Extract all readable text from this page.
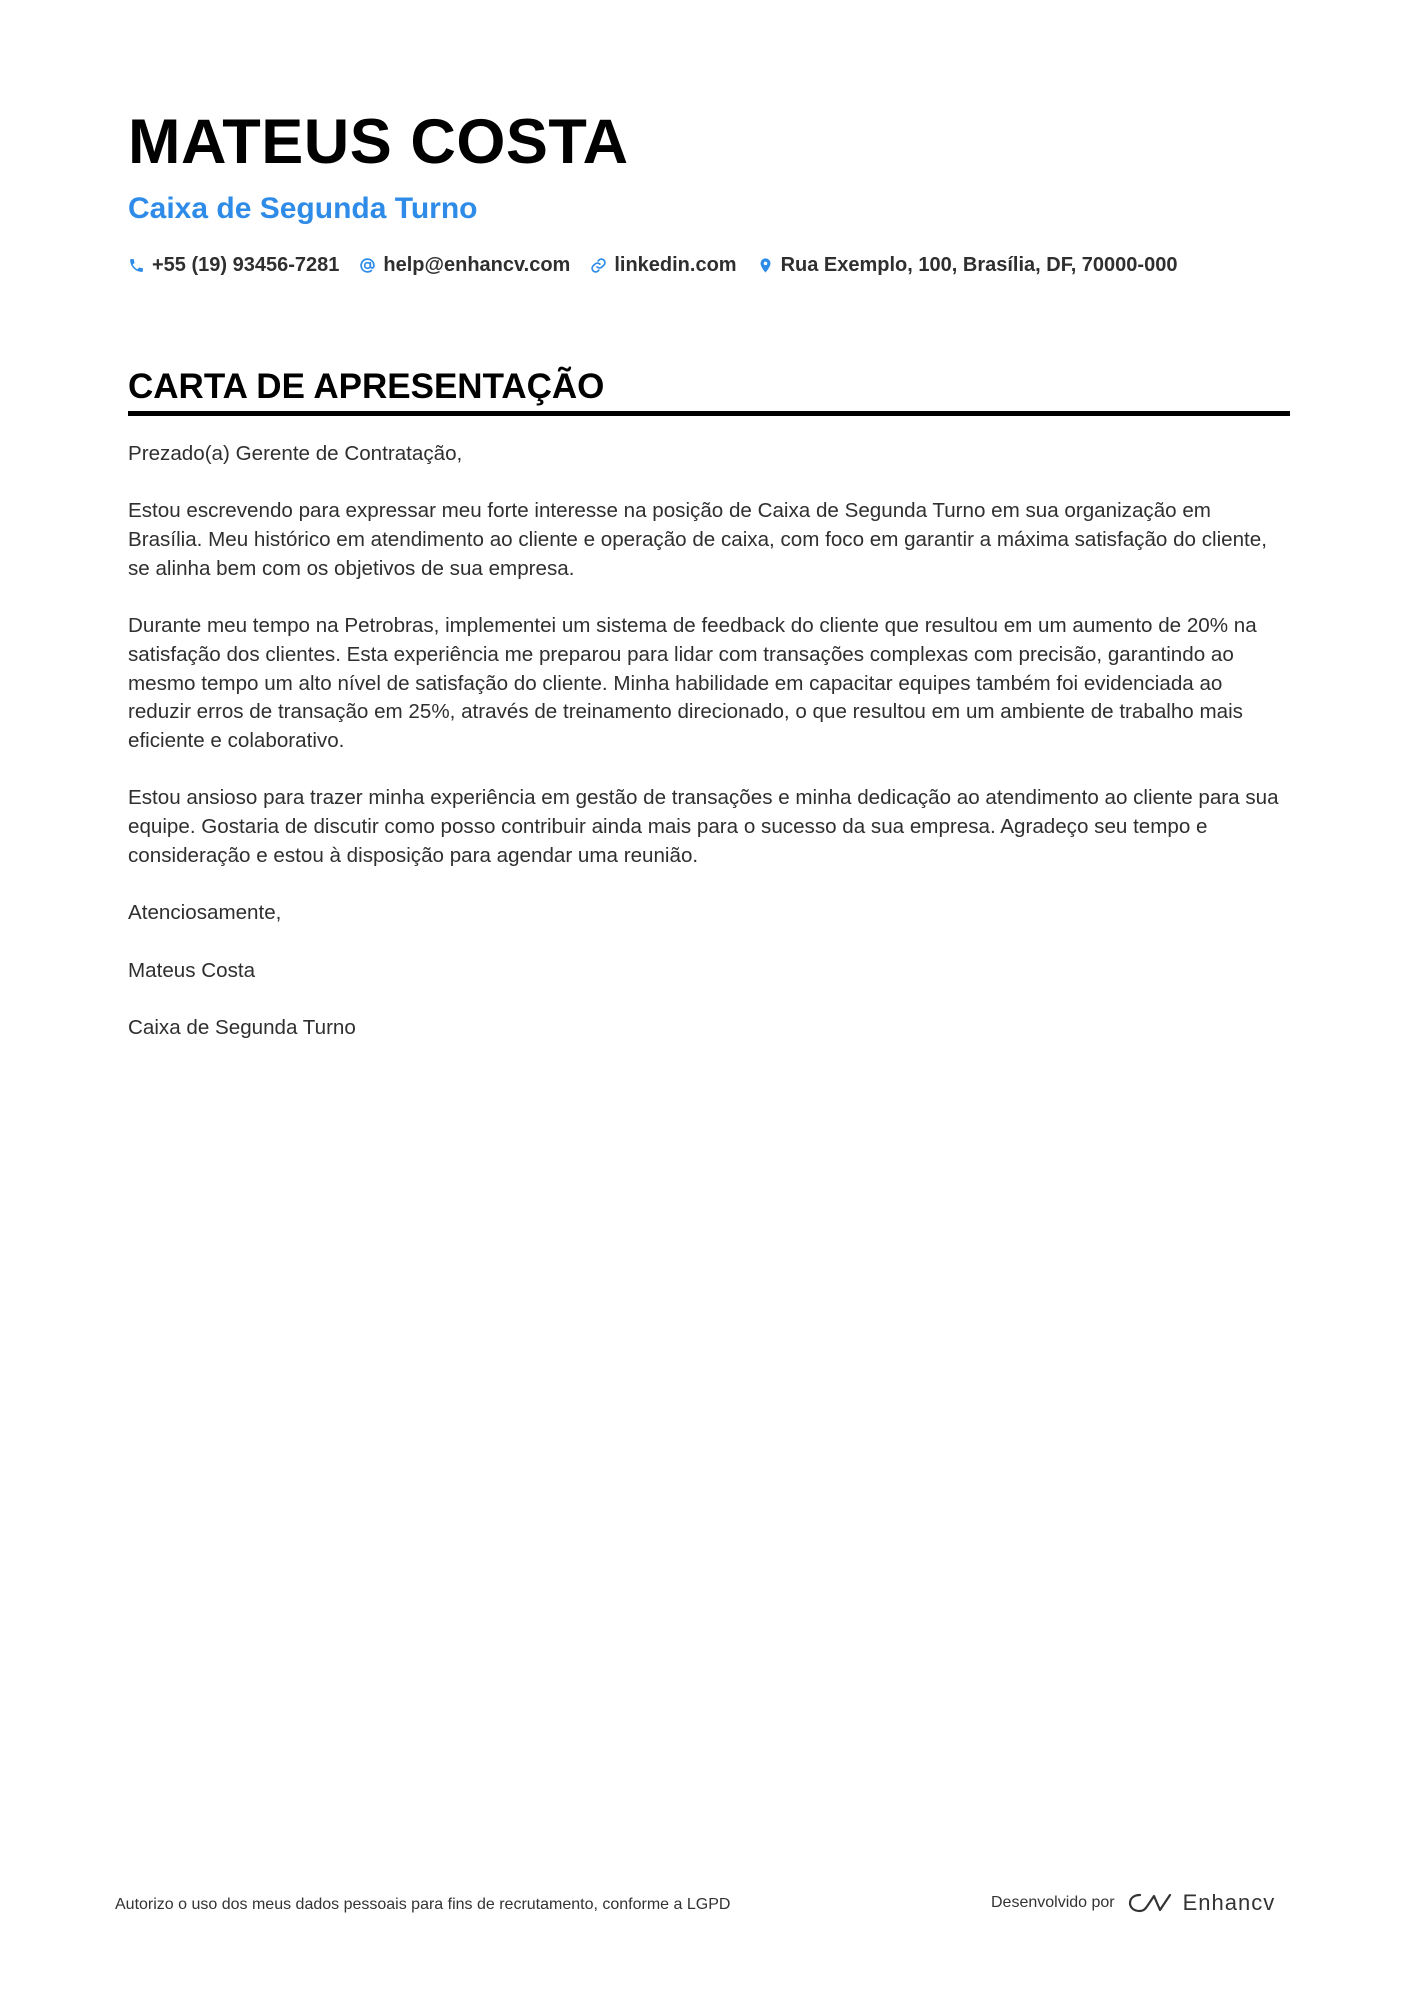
MATEUS COSTA
Caixa de Segunda Turno
+55 (19) 93456-7281 help@enhancv.com linkedin.com Rua Exemplo, 100, Brasília, DF, 70000-000
CARTA DE APRESENTAÇÃO

Prezado(a) Gerente de Contratação,

Estou escrevendo para expressar meu forte interesse na posição de Caixa de Segunda Turno em sua organização em Brasília. Meu histórico em atendimento ao cliente e operação de caixa, com foco em garantir a máxima satisfação do cliente, se alinha bem com os objetivos de sua empresa.

Durante meu tempo na Petrobras, implementei um sistema de feedback do cliente que resultou em um aumento de 20% na satisfação dos clientes. Esta experiência me preparou para lidar com transações complexas com precisão, garantindo ao mesmo tempo um alto nível de satisfação do cliente. Minha habilidade em capacitar equipes também foi evidenciada ao reduzir erros de transação em 25%, através de treinamento direcionado, o que resultou em um ambiente de trabalho mais eficiente e colaborativo.

Estou ansioso para trazer minha experiência em gestão de transações e minha dedicação ao atendimento ao cliente para sua equipe. Gostaria de discutir como posso contribuir ainda mais para o sucesso da sua empresa. Agradeço seu tempo e consideração e estou à disposição para agendar uma reunião.

Atenciosamente,

Mateus Costa

Caixa de Segunda Turno

Autorizo o uso dos meus dados pessoais para fins de recrutamento, conforme a LGPD	Desenvolvido por	Enhancv
